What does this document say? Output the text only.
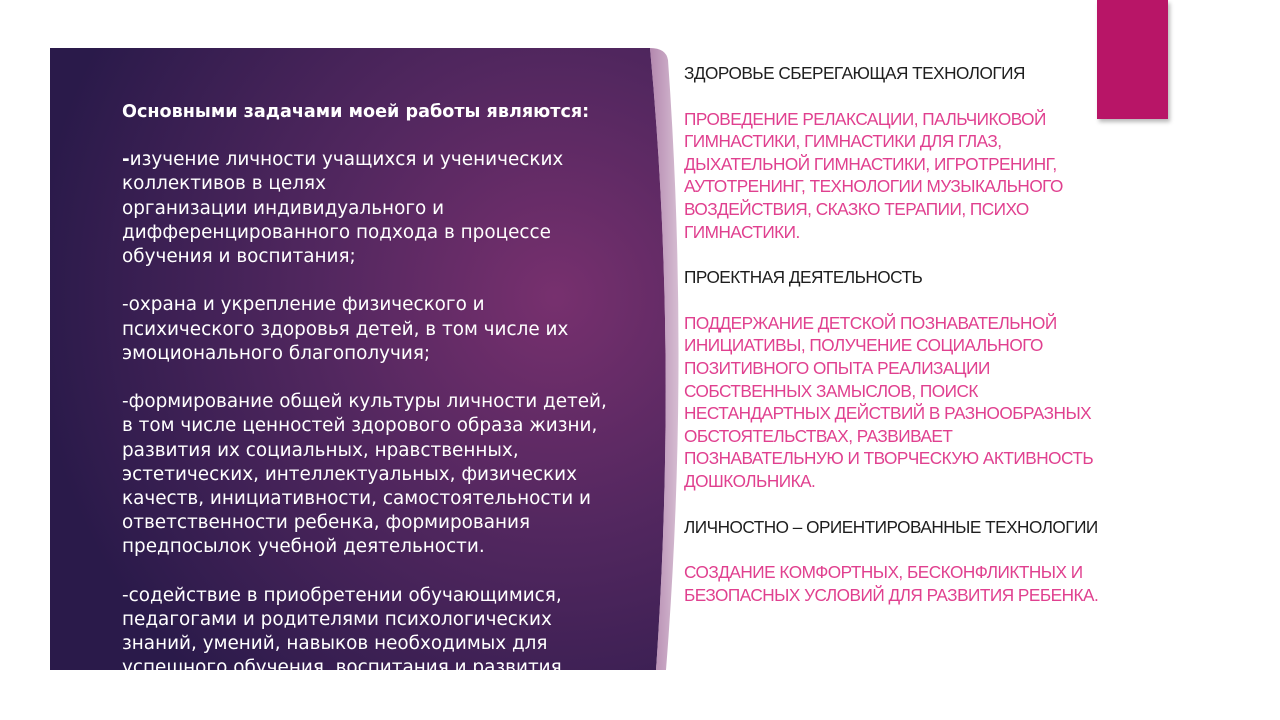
Основными задачами моей работы являются:
-изучение личности учащихся и ученических
коллективов в целях
организации индивидуального и
дифференцированного подхода в процессе
обучения и воспитания;
-охрана и укрепление физического и
психического здоровья детей, в том числе их
эмоционального благополучия;
-формирование общей культуры личности детей,
в том числе ценностей здорового образа жизни,
развития их социальных, нравственных,
эстетических, интеллектуальных, физических
качеств, инициативности, самостоятельности и
ответственности ребенка, формирования
предпосылок учебной деятельности.
-содействие в приобретении обучающимися,
педагогами и родителями психологических
знаний, умений, навыков необходимых для
успешного обучения, воспитания и развития.
ЗДОРОВЬЕ СБЕРЕГАЮЩАЯ ТЕХНОЛОГИЯ
ПРОВЕДЕНИЕ РЕЛАКСАЦИИ, ПАЛЬЧИКОВОЙ
ГИМНАСТИКИ, ГИМНАСТИКИ ДЛЯ ГЛАЗ,
ДЫХАТЕЛЬНОЙ ГИМНАСТИКИ, ИГРОТРЕНИНГ,
АУТОТРЕНИНГ, ТЕХНОЛОГИИ МУЗЫКАЛЬНОГО
ВОЗДЕЙСТВИЯ, СКАЗКО ТЕРАПИИ, ПСИХО
ГИМНАСТИКИ.
ПРОЕКТНАЯ ДЕЯТЕЛЬНОСТЬ
ПОДДЕРЖАНИЕ ДЕТСКОЙ ПОЗНАВАТЕЛЬНОЙ
ИНИЦИАТИВЫ, ПОЛУЧЕНИЕ СОЦИАЛЬНОГО
ПОЗИТИВНОГО ОПЫТА РЕАЛИЗАЦИИ
СОБСТВЕННЫХ ЗАМЫСЛОВ, ПОИСК
НЕСТАНДАРТНЫХ ДЕЙСТВИЙ В РАЗНООБРАЗНЫХ
ОБСТОЯТЕЛЬСТВАХ, РАЗВИВАЕТ
ПОЗНАВАТЕЛЬНУЮ И ТВОРЧЕСКУЮ АКТИВНОСТЬ
ДОШКОЛЬНИКА.
ЛИЧНОСТНО – ОРИЕНТИРОВАННЫЕ ТЕХНОЛОГИИ
СОЗДАНИЕ КОМФОРТНЫХ, БЕСКОНФЛИКТНЫХ И
БЕЗОПАСНЫХ УСЛОВИЙ ДЛЯ РАЗВИТИЯ РЕБЕНКА.
